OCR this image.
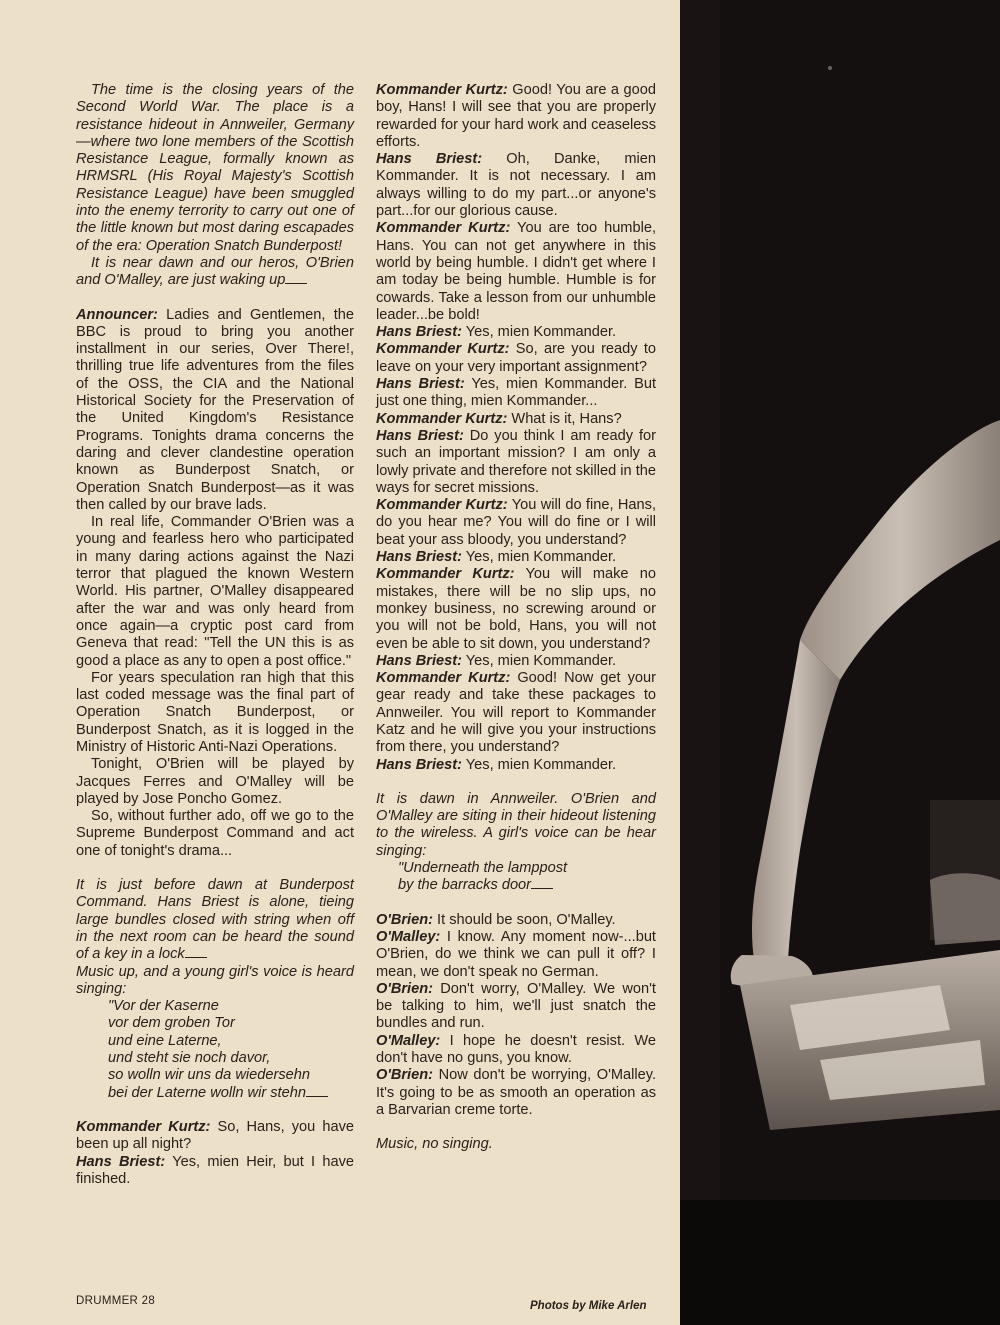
The time is the closing years of the Second World War. The place is a resistance hideout in Annweiler, Germany—where two lone members of the Scottish Resistance League, formally known as HRMSRL (His Royal Majesty's Scottish Resistance League) have been smuggled into the enemy terrority to carry out one of the little known but most daring escapades of the era: Operation Snatch Bunderpost!

It is near dawn and our heros, O'Brien and O'Malley, are just waking up

Announcer: Ladies and Gentlemen, the BBC is proud to bring you another installment in our series, Over There!, thrilling true life adventures from the files of the OSS, the CIA and the National Historical Society for the Preservation of the United Kingdom's Resistance Programs. Tonights drama concerns the daring and clever clandestine operation known as Bunderpost Snatch, or Operation Snatch Bunderpost—as it was then called by our brave lads.

In real life, Commander O'Brien was a young and fearless hero who participated in many daring actions against the Nazi terror that plagued the known Western World. His partner, O'Malley disappeared after the war and was only heard from once again—a cryptic post card from Geneva that read: "Tell the UN this is as good a place as any to open a post office."

For years speculation ran high that this last coded message was the final part of Operation Snatch Bunderpost, or Bunderpost Snatch, as it is logged in the Ministry of Historic Anti-Nazi Operations.

Tonight, O'Brien will be played by Jacques Ferres and O'Malley will be played by Jose Poncho Gomez.

So, without further ado, off we go to the Supreme Bunderpost Command and act one of tonight's drama...

It is just before dawn at Bunderpost Command. Hans Briest is alone, tieing large bundles closed with string when off in the next room can be heard the sound of a key in a lock

Music up, and a young girl's voice is heard singing:

"Vor der Kaserne

vor dem groben Tor

und eine Laterne,

und steht sie noch davor,

so wolln wir uns da wiedersehn

bei der Laterne wolln wir stehn

Kommander Kurtz: So, Hans, you have been up all night?

Hans Briest: Yes, mien Heir, but I have finished.

Kommander Kurtz: Good! You are a good boy, Hans! I will see that you are properly rewarded for your hard work and ceaseless efforts.

Hans Briest: Oh, Danke, mien Kommander. It is not necessary. I am always willing to do my part...or anyone's part...for our glorious cause.

Kommander Kurtz: You are too humble, Hans. You can not get anywhere in this world by being humble. I didn't get where I am today be being humble. Humble is for cowards. Take a lesson from our unhumble leader...be bold!

Hans Briest: Yes, mien Kommander.

Kommander Kurtz: So, are you ready to leave on your very important assignment?

Hans Briest: Yes, mien Kommander. But just one thing, mien Kommander...

Kommander Kurtz: What is it, Hans?

Hans Briest: Do you think I am ready for such an important mission? I am only a lowly private and therefore not skilled in the ways for secret missions.

Kommander Kurtz: You will do fine, Hans, do you hear me? You will do fine or I will beat your ass bloody, you understand?

Hans Briest: Yes, mien Kommander.

Kommander Kurtz: You will make no mistakes, there will be no slip ups, no monkey business, no screwing around or you will not be bold, Hans, you will not even be able to sit down, you understand?

Hans Briest: Yes, mien Kommander.

Kommander Kurtz: Good! Now get your gear ready and take these packages to Annweiler. You will report to Kommander Katz and he will give you your instructions from there, you understand?

Hans Briest: Yes, mien Kommander.

It is dawn in Annweiler. O'Brien and O'Malley are siting in their hideout listening to the wireless. A girl's voice can be hear singing:

"Underneath the lamppost

by the barracks door

O'Brien: It should be soon, O'Malley.

O'Malley: I know. Any moment now-...but O'Brien, do we think we can pull it off? I mean, we don't speak no German.

O'Brien: Don't worry, O'Malley. We won't be talking to him, we'll just snatch the bundles and run.

O'Malley: I hope he doesn't resist. We don't have no guns, you know.

O'Brien: Now don't be worrying, O'Malley. It's going to be as smooth an operation as a Barvarian creme torte.

Music, no singing.

DRUMMER 28	Photos by Mike Arlen
